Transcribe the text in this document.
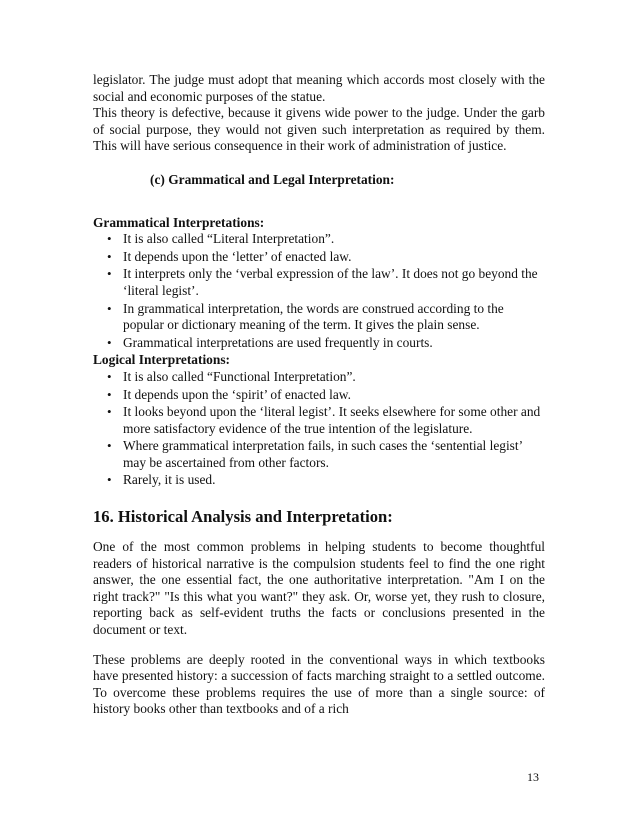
legislator. The judge must adopt that meaning which accords most closely with the social and economic purposes of the statue.

This theory is defective, because it givens wide power to the judge. Under the garb of social purpose, they would not given such interpretation as required by them. This will have serious consequence in their work of administration of justice.

(c) Grammatical and Legal Interpretation:
Grammatical Interpretations:
• It is also called “Literal Interpretation”.
• It depends upon the ‘letter’ of enacted law.
• It interprets only the ‘verbal expression of the law’. It does not go beyond the ‘literal legist’.
• In grammatical interpretation, the words are construed according to the popular or dictionary meaning of the term. It gives the plain sense.
• Grammatical interpretations are used frequently in courts.
Logical Interpretations:
• It is also called “Functional Interpretation”.
• It depends upon the ‘spirit’ of enacted law.
• It looks beyond upon the ‘literal legist’. It seeks elsewhere for some other and more satisfactory evidence of the true intention of the legislature.
• Where grammatical interpretation fails, in such cases the ‘sentential legist’ may be ascertained from other factors.
• Rarely, it is used.
16. Historical Analysis and Interpretation:

One of the most common problems in helping students to become thoughtful readers of historical narrative is the compulsion students feel to find the one right answer, the one essential fact, the one authoritative interpretation. "Am I on the right track?" "Is this what you want?" they ask. Or, worse yet, they rush to closure, reporting back as self-evident truths the facts or conclusions presented in the document or text.

These problems are deeply rooted in the conventional ways in which textbooks have presented history: a succession of facts marching straight to a settled outcome. To overcome these problems requires the use of more than a single source: of history books other than textbooks and of a rich

13
